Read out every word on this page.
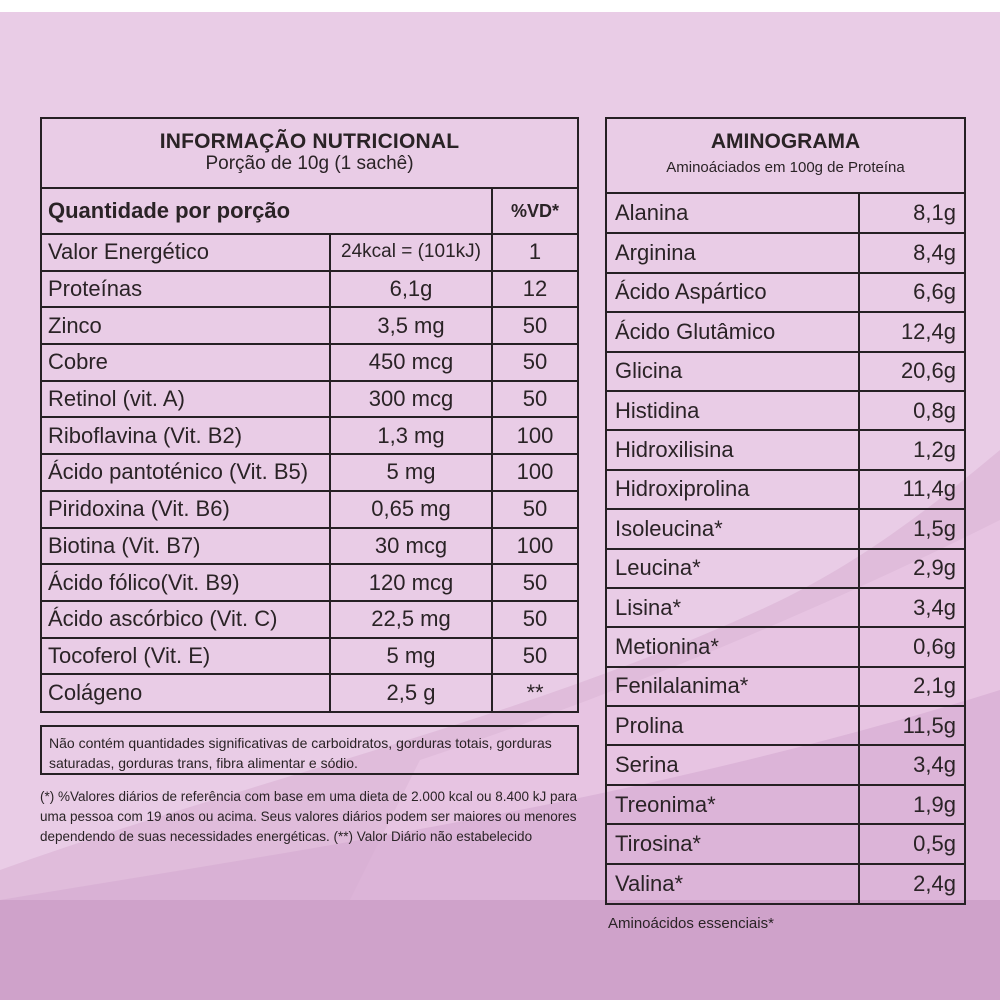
INFORMAÇÃO NUTRICIONAL
Porção de 10g (1 sachê)
Quantidade por porção		%VD*
Valor Energético	24kcal = (101kJ)	1
Proteínas	6,1g	12
Zinco	3,5 mg	50
Cobre	450 mcg	50
Retinol (vit. A)	300 mcg	50
Riboflavina (Vit. B2)	1,3 mg	100
Ácido pantoténico (Vit. B5)	5 mg	100
Piridoxina (Vit. B6)	0,65 mg	50
Biotina (Vit. B7)	30 mcg	100
Ácido fólico(Vit. B9)	120 mcg	50
Ácido ascórbico (Vit. C)	22,5 mg	50
Tocoferol (Vit. E)	5 mg	50
Colágeno	2,5 g	**
Não contém quantidades significativas de carboidratos, gorduras totais, gorduras saturadas, gorduras trans, fibra alimentar e sódio.
(*) %Valores diários de referência com base em uma dieta de 2.000 kcal ou 8.400 kJ para uma pessoa com 19 anos ou acima. Seus valores diários podem ser maiores ou menores dependendo de suas necessidades energéticas. (**) Valor Diário não estabelecido
AMINOGRAMA
Aminoáciados em 100g de Proteína
Alanina	8,1g
Arginina	8,4g
Ácido Aspártico	6,6g
Ácido Glutâmico	12,4g
Glicina	20,6g
Histidina	0,8g
Hidroxilisina	1,2g
Hidroxiprolina	11,4g
Isoleucina*	1,5g
Leucina*	2,9g
Lisina*	3,4g
Metionina*	0,6g
Fenilalanima*	2,1g
Prolina	11,5g
Serina	3,4g
Treonima*	1,9g
Tirosina*	0,5g
Valina*	2,4g
Aminoácidos essenciais*
